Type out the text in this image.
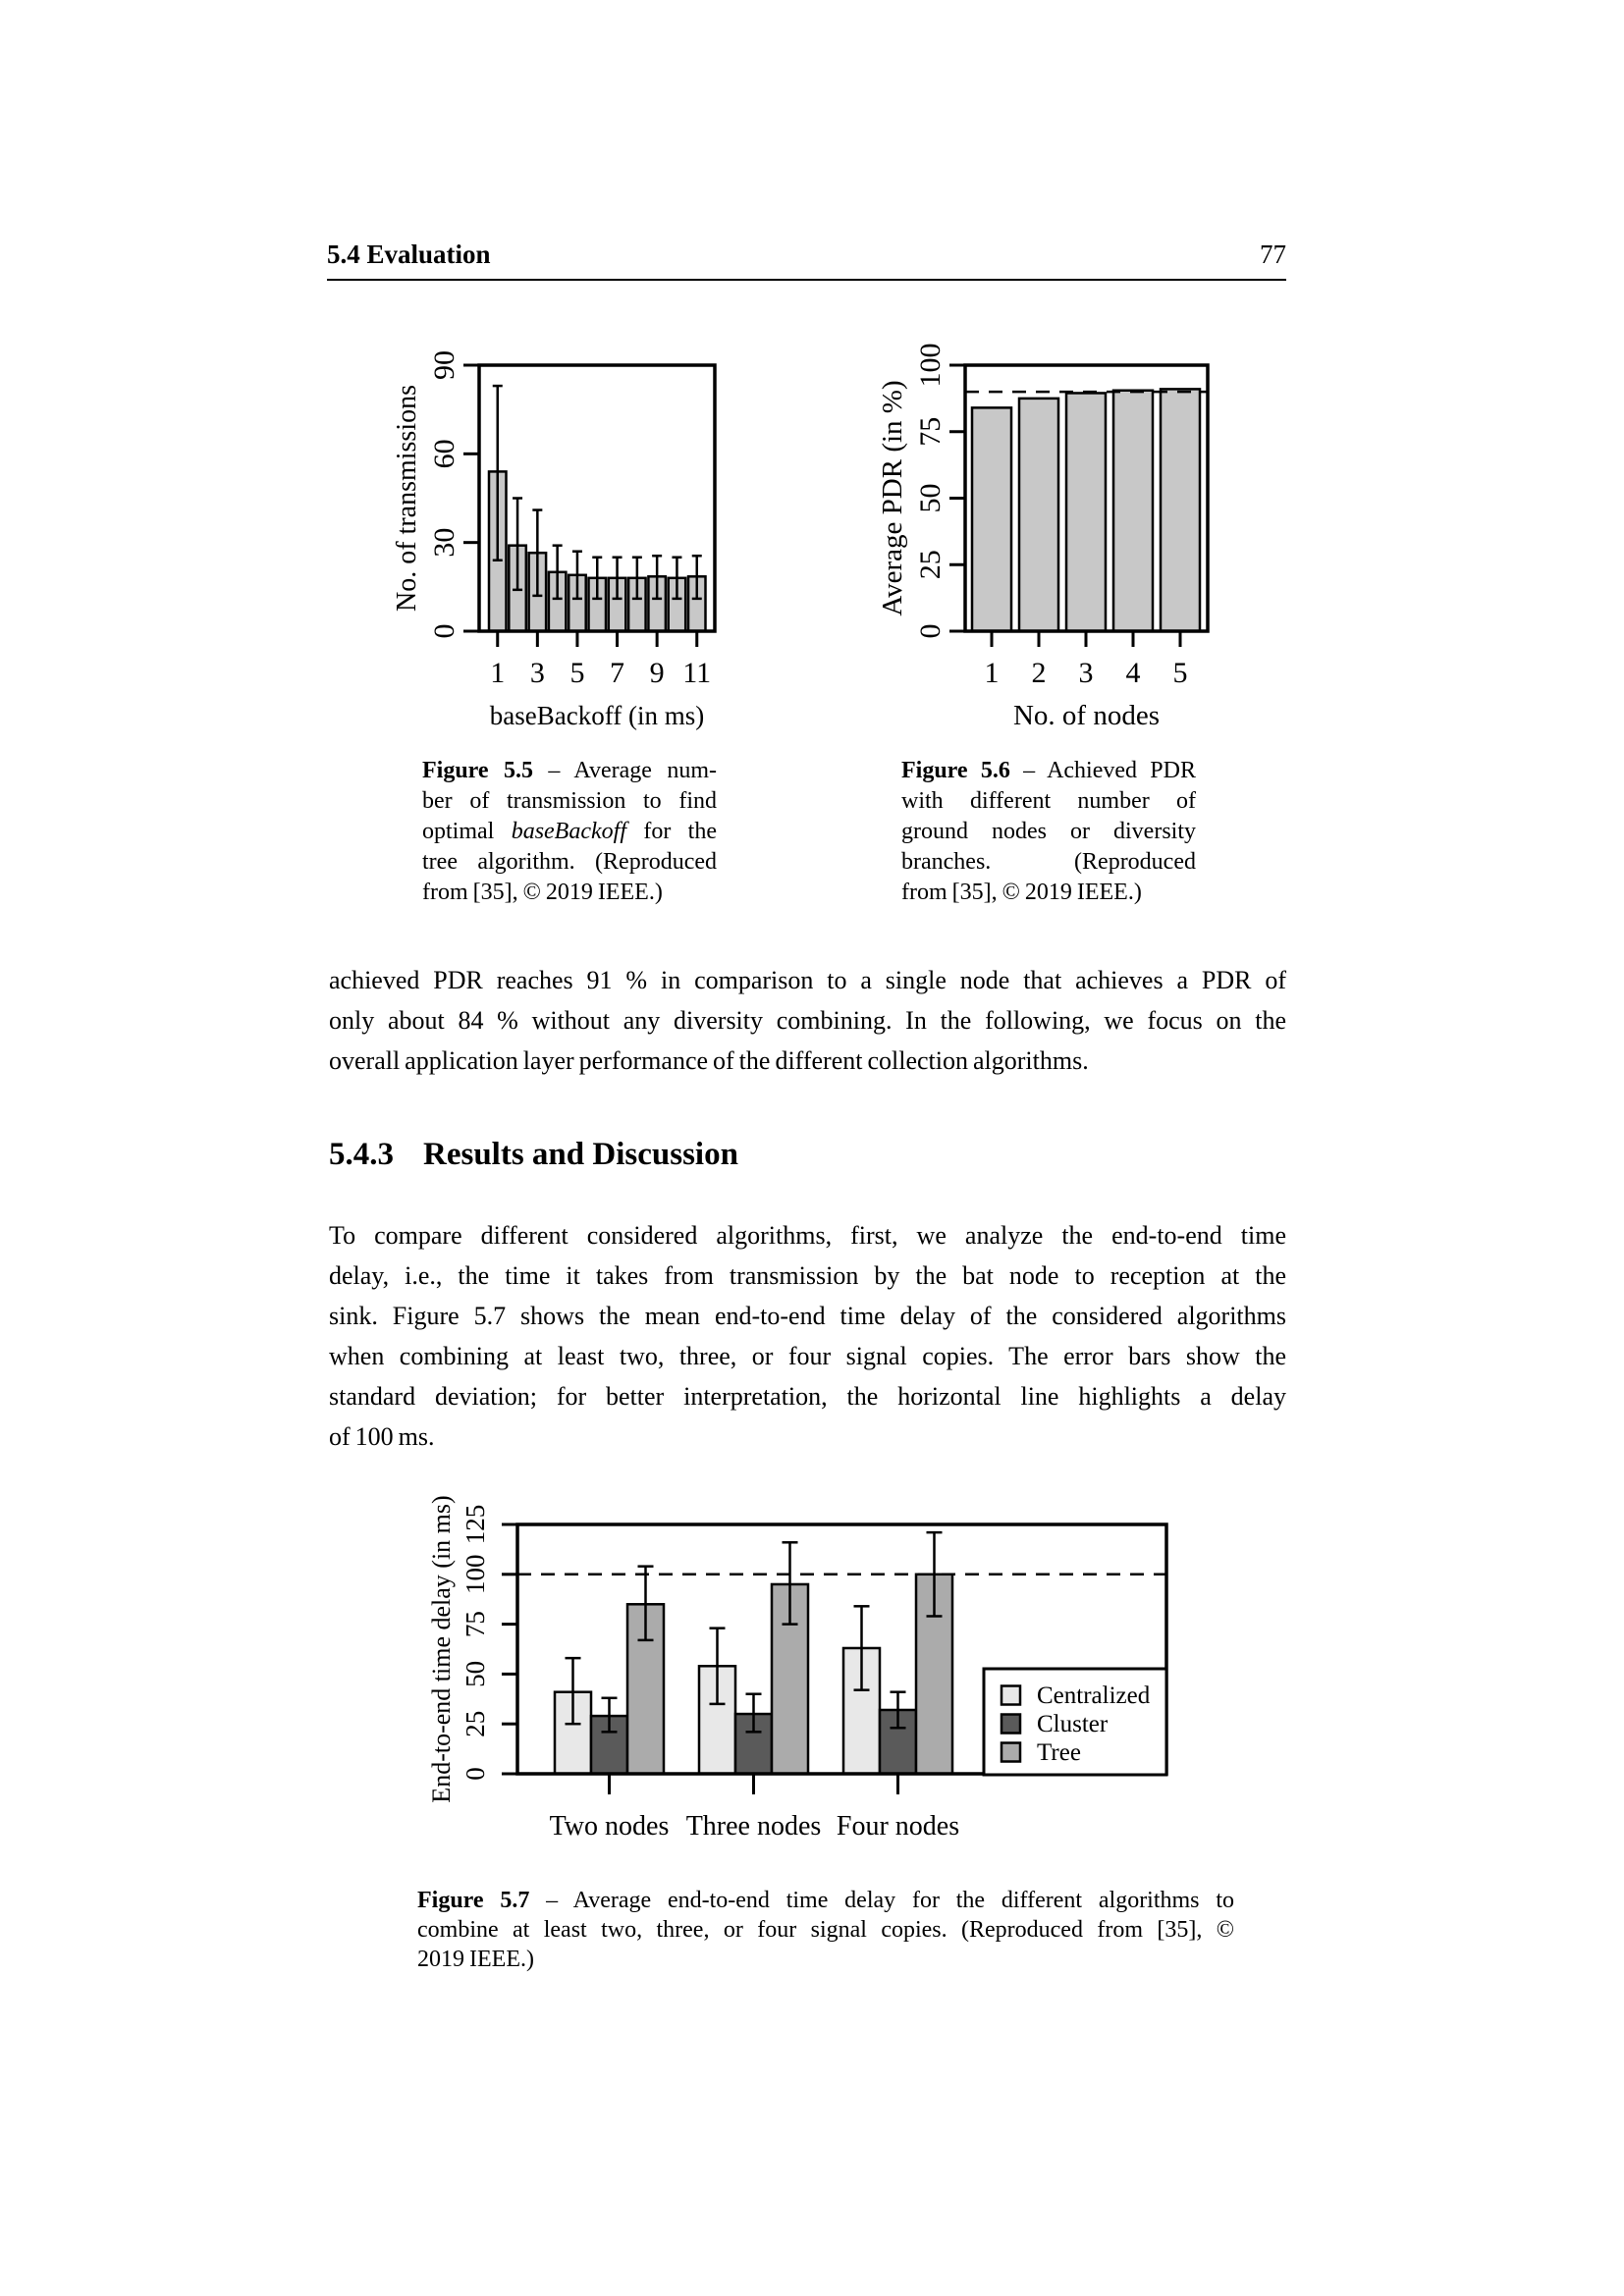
5.4 Evaluation	77
0
30
60
90
No. of transmissions
1 3 5 7 9 11
baseBackoff (in ms)
0
25
50
75
100
Average PDR (in %)
1 2 3 4 5
No. of nodes
0
25
50
75
100
125
End-to-end time delay (in ms)
Two nodes Three nodes Four nodes
Centralized
Cluster
Tree
Figure 5.5 – Average num-
ber of transmission to find
optimal baseBackoff for the
tree algorithm. (Reproduced
from [35], © 2019 IEEE.)
Figure 5.6 – Achieved PDR
with different number of
ground nodes or diversity
branches. (Reproduced
from [35], © 2019 IEEE.)
achieved PDR reaches 91 % in comparison to a single node that achieves a PDR of
only about 84 % without any diversity combining. In the following, we focus on the
overall application layer performance of the different collection algorithms.
5.4.3 Results and Discussion
To compare different considered algorithms, first, we analyze the end-to-end time
delay, i.e., the time it takes from transmission by the bat node to reception at the
sink. Figure 5.7 shows the mean end-to-end time delay of the considered algorithms
when combining at least two, three, or four signal copies. The error bars show the
standard deviation; for better interpretation, the horizontal line highlights a delay
of 100 ms.
Figure 5.7 – Average end-to-end time delay for the different algorithms to
combine at least two, three, or four signal copies. (Reproduced from [35], ©
2019 IEEE.)
